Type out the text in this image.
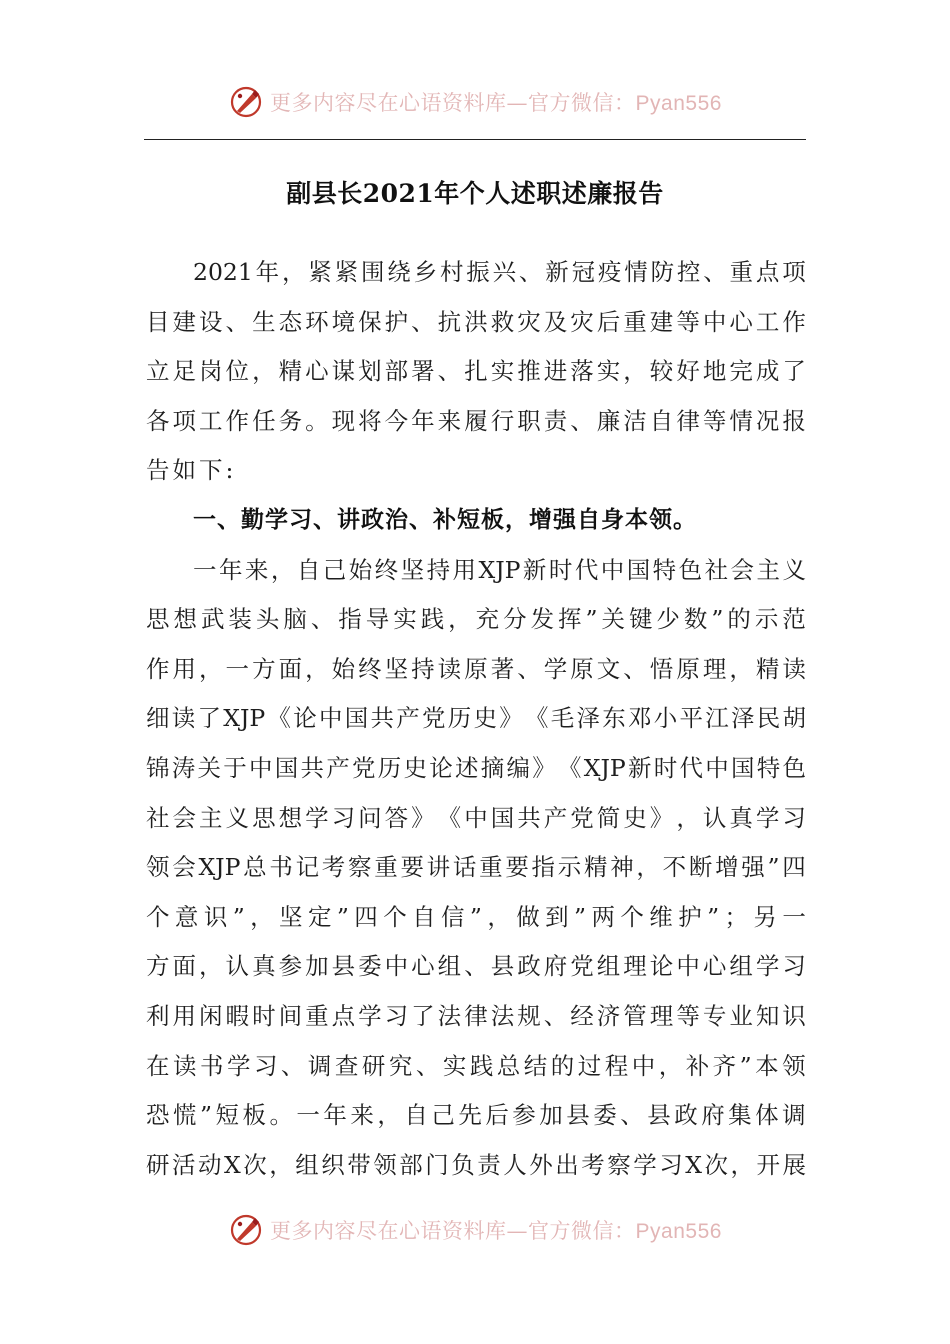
更多内容尽在心语资料库—官方微信：Pyan556
副县长2021年个人述职述廉报告
2021 年 ， 紧 紧 围 绕 乡 村 振 兴 、 新 冠 疫 情 防 控 、 重 点 项
目 建 设 、 生 态 环 境 保 护 、 抗 洪 救 灾 及 灾 后 重 建 等 中 心 工 作
立 足 岗 位 ， 精 心 谋 划 部 署 、 扎 实 推 进 落 实 ， 较 好 地 完 成 了
各 项 工 作 任 务 。 现 将 今 年 来 履 行 职 责 、 廉 洁 自 律 等 情 况 报
告如下:
一、勤学习、讲政治、补短板，增强自身本领。
一 年 来 ， 自 己 始 终 坚 持 用 XJP 新 时 代 中 国 特 色 社 会 主 义
思 想 武 装 头 脑 、 指 导 实 践 ， 充 分 发 挥 ” 关 键 少 数 ” 的 示 范
作 用 ， 一 方 面 ， 始 终 坚 持 读 原 著 、 学 原 文 、 悟 原 理 ， 精 读
细 读 了 XJP 《 论 中 国 共 产 党 历 史 》 《 毛 泽 东 邓 小 平 江 泽 民 胡
锦 涛 关 于 中 国 共 产 党 历 史 论 述 摘 编 》 《 XJP 新 时 代 中 国 特 色
社 会 主 义 思 想 学 习 问 答 》 《 中 国 共 产 党 简 史 》 ， 认 真 学 习
领 会 XJP 总 书 记 考 察 重 要 讲 话 重 要 指 示 精 神 ， 不 断 增 强 ” 四
个 意 识 ” ， 坚 定 ” 四 个 自 信 ” ， 做 到 ” 两 个 维 护 ” ； 另 一
方 面 ， 认 真 参 加 县 委 中 心 组 、 县 政 府 党 组 理 论 中 心 组 学 习
利 用 闲 暇 时 间 重 点 学 习 了 法 律 法 规 、 经 济 管 理 等 专 业 知 识
在 读 书 学 习 、 调 查 研 究 、 实 践 总 结 的 过 程 中 ， 补 齐 ” 本 领
恐 慌 ” 短 板 。 一 年 来 ， 自 己 先 后 参 加 县 委 、 县 政 府 集 体 调
研 活 动 X 次 ， 组 织 带 领 部 门 负 责 人 外 出 考 察 学 习 X 次 ， 开 展
更多内容尽在心语资料库—官方微信：Pyan556
